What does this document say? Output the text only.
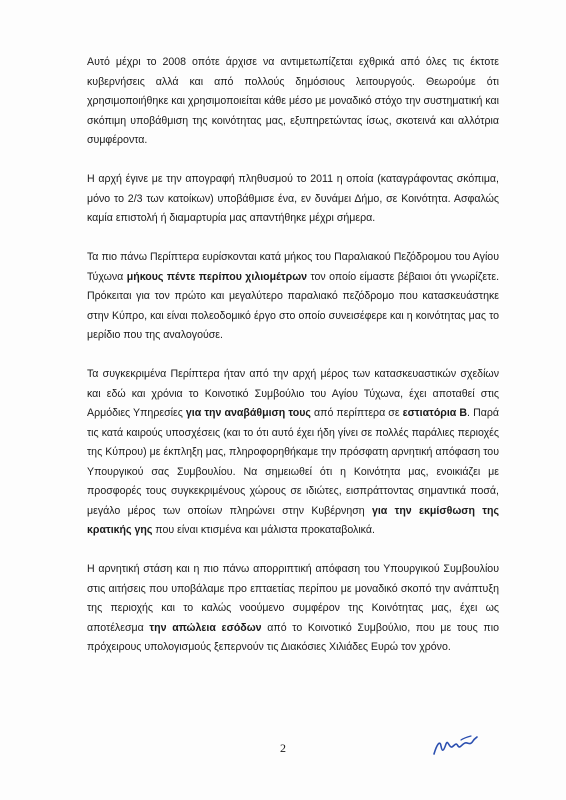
Αυτό μέχρι το 2008 οπότε άρχισε να αντιμετωπίζεται εχθρικά από όλες τις έκτοτε κυβερνήσεις αλλά και από πολλούς δημόσιους λειτουργούς. Θεωρούμε ότι χρησιμοποιήθηκε και χρησιμοποιείται κάθε μέσο με μοναδικό στόχο την συστηματική και σκόπιμη υποβάθμιση της κοινότητας μας, εξυπηρετώντας ίσως, σκοτεινά και αλλότρια συμφέροντα.

Η αρχή έγινε με την απογραφή πληθυσμού το 2011 η οποία (καταγράφοντας σκόπιμα, μόνο το 2/3 των κατοίκων) υποβάθμισε ένα, εν δυνάμει Δήμο, σε Κοινότητα. Ασφαλώς καμία επιστολή ή διαμαρτυρία μας απαντήθηκε μέχρι σήμερα.

Τα πιο πάνω Περίπτερα ευρίσκονται κατά μήκος του Παραλιακού Πεζόδρομου του Αγίου Τύχωνα μήκους πέντε περίπου χιλιομέτρων τον οποίο είμαστε βέβαιοι ότι γνωρίζετε. Πρόκειται για τον πρώτο και μεγαλύτερο παραλιακό πεζόδρομο που κατασκευάστηκε στην Κύπρο, και είναι πολεοδομικό έργο στο οποίο συνεισέφερε και η κοινότητας μας το μερίδιο που της αναλογούσε.

Τα συγκεκριμένα Περίπτερα ήταν από την αρχή μέρος των κατασκευαστικών σχεδίων και εδώ και χρόνια το Κοινοτικό Συμβούλιο του Αγίου Τύχωνα, έχει αποταθεί στις Αρμόδιες Υπηρεσίες για την αναβάθμιση τους από περίπτερα σε εστιατόρια Β. Παρά τις κατά καιρούς υποσχέσεις (και το ότι αυτό έχει ήδη γίνει σε πολλές παράλιες περιοχές της Κύπρου) με έκπληξη μας, πληροφορηθήκαμε την πρόσφατη αρνητική απόφαση του Υπουργικού σας Συμβουλίου. Να σημειωθεί ότι η Κοινότητα μας, ενοικιάζει με προσφορές τους συγκεκριμένους χώρους σε ιδιώτες, εισπράττοντας σημαντικά ποσά, μεγάλο μέρος των οποίων πληρώνει στην Κυβέρνηση για την εκμίσθωση της κρατικής γης που είναι κτισμένα και μάλιστα προκαταβολικά.

Η αρνητική στάση και η πιο πάνω απορριπτική απόφαση του Υπουργικού Συμβουλίου στις αιτήσεις που υποβάλαμε προ επταετίας περίπου με μοναδικό σκοπό την ανάπτυξη της περιοχής και το καλώς νοούμενο συμφέρον της Κοινότητας μας, έχει ως αποτέλεσμα την απώλεια εσόδων από το Κοινοτικό Συμβούλιο, που με τους πιο πρόχειρους υπολογισμούς ξεπερνούν τις Διακόσιες Χιλιάδες Ευρώ τον χρόνο.

2
